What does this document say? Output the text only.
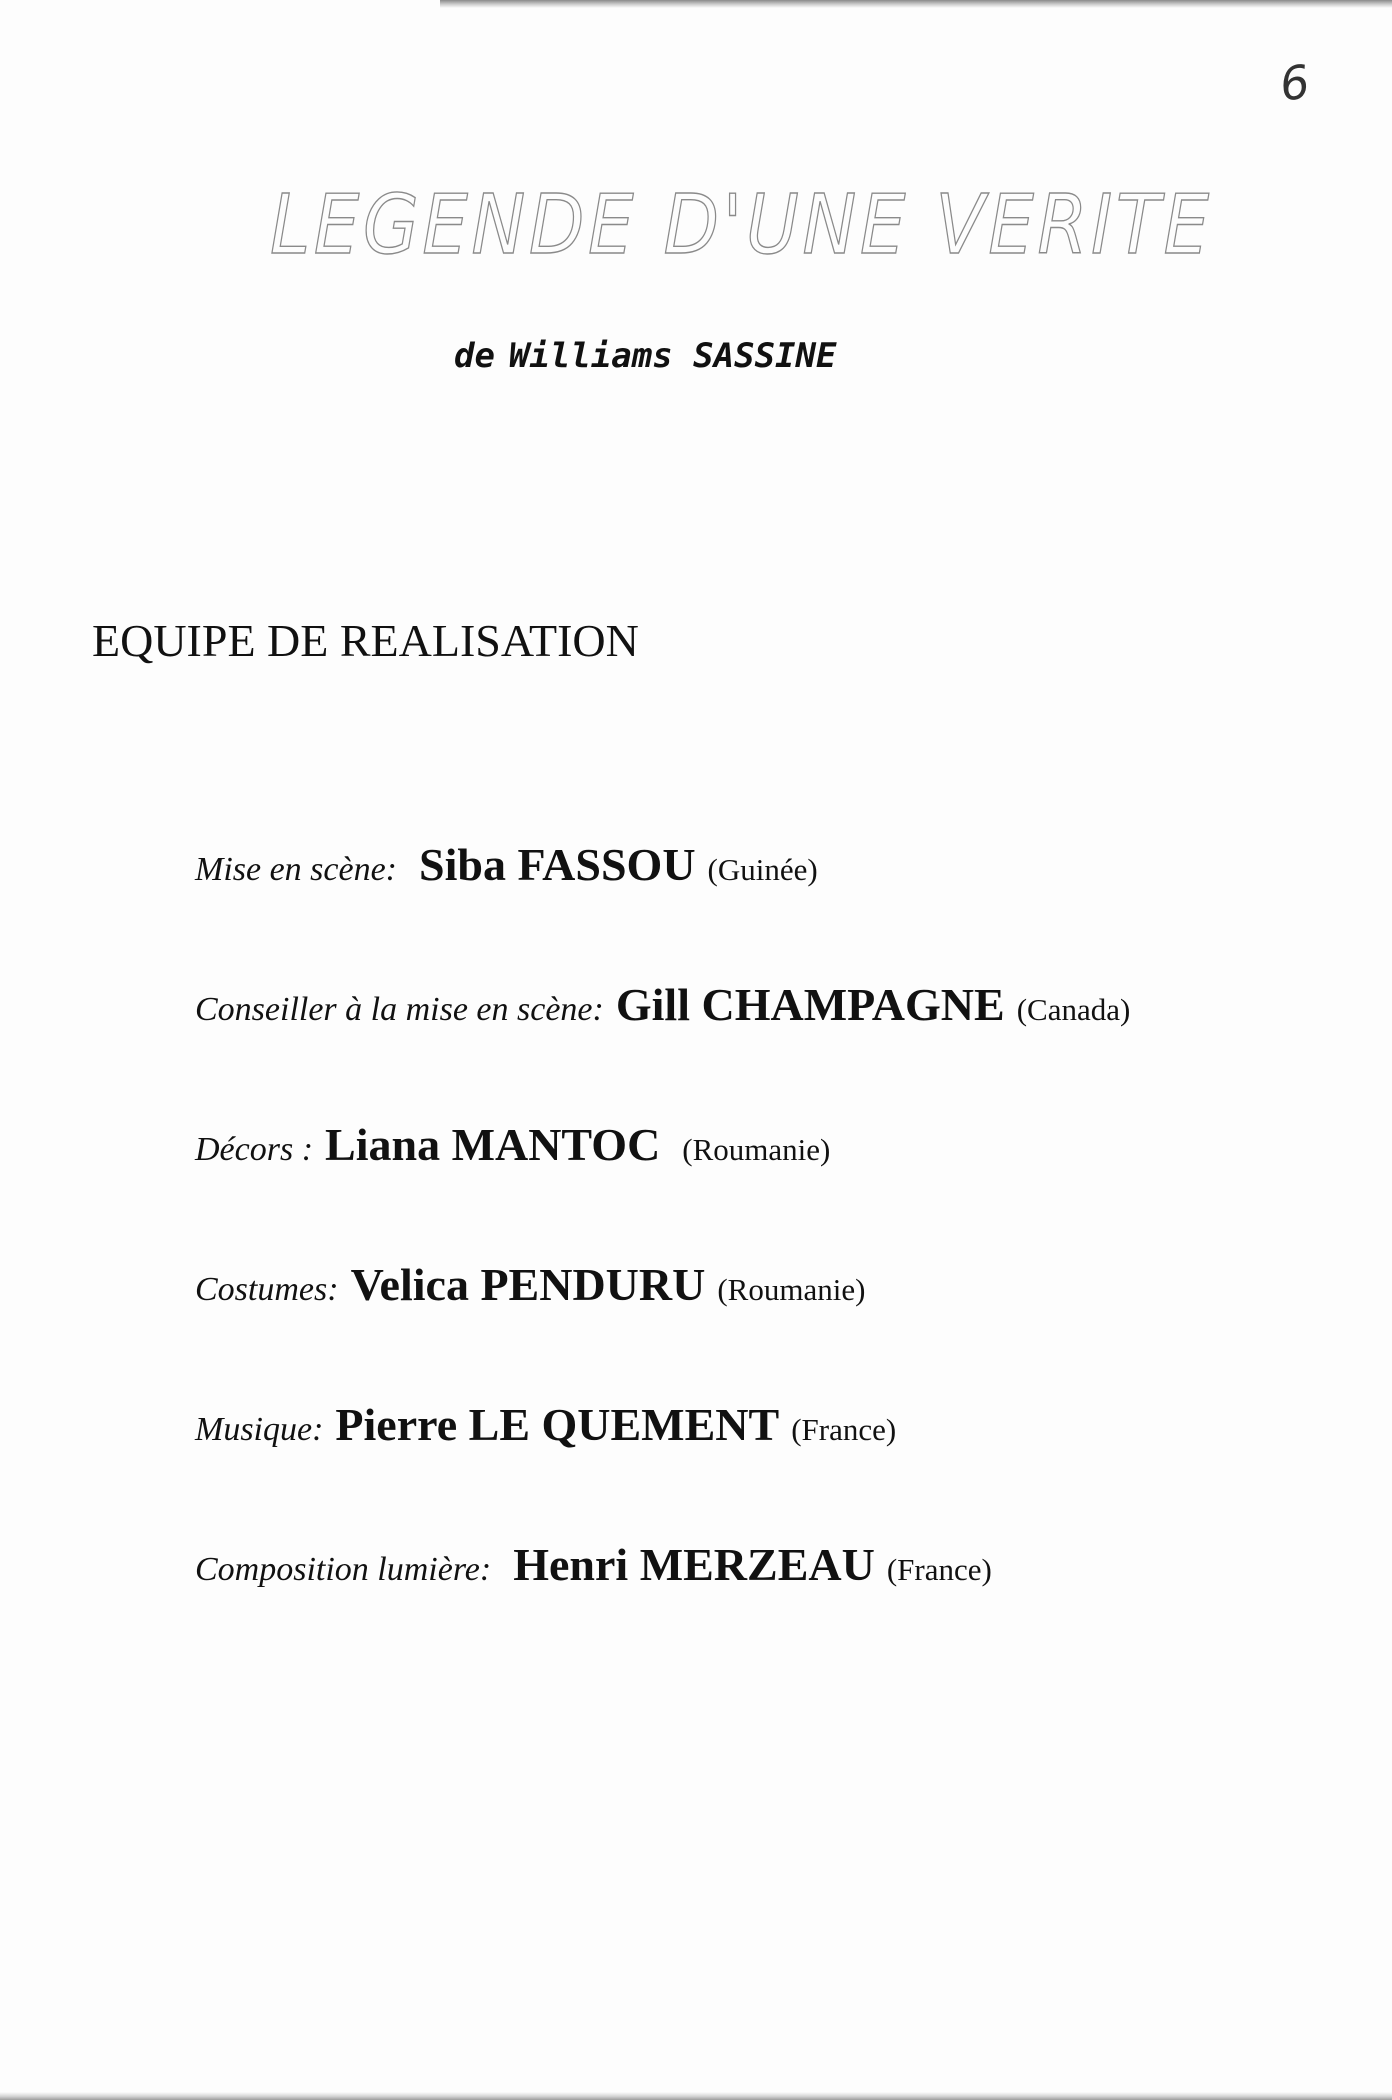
6
LEGENDE D'UNE VERITE
de Williams SASSINE
EQUIPE DE REALISATION
Mise en scène: Siba FASSOU (Guinée)
Conseiller à la mise en scène: Gill CHAMPAGNE (Canada)
Décors : Liana MANTOC (Roumanie)
Costumes: Velica PENDURU (Roumanie)
Musique: Pierre LE QUEMENT (France)
Composition lumière: Henri MERZEAU (France)
